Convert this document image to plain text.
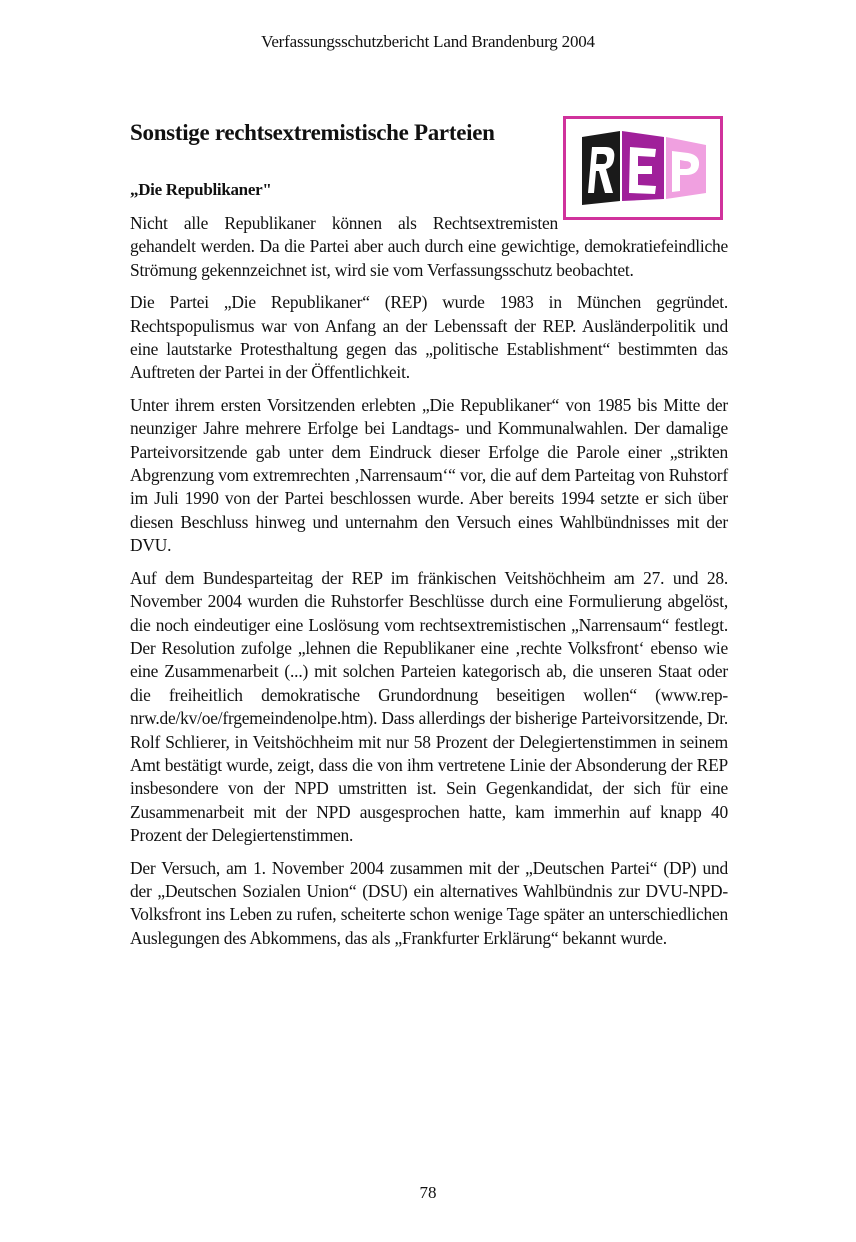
Verfassungsschutzbericht Land Brandenburg 2004
Sonstige rechtsextremistische Parteien
„Die Republikaner"

Nicht alle Republikaner können als Rechtsextremisten gehandelt werden. Da die Partei aber auch durch eine gewichtige, demokratiefeindliche Strömung gekennzeichnet ist, wird sie vom Verfassungsschutz beobachtet.

Die Partei „Die Republikaner“ (REP) wurde 1983 in München gegründet. Rechtspopulismus war von Anfang an der Lebenssaft der REP. Ausländerpolitik und eine lautstarke Protesthaltung gegen das „politische Establishment“ bestimmten das Auftreten der Partei in der Öffentlichkeit.

Unter ihrem ersten Vorsitzenden erlebten „Die Republikaner“ von 1985 bis Mitte der neunziger Jahre mehrere Erfolge bei Landtags- und Kommunalwahlen. Der damalige Parteivorsitzende gab unter dem Eindruck dieser Erfolge die Parole einer „strikten Abgrenzung vom extremrechten ‚Narrensaum‘“ vor, die auf dem Parteitag von Ruhstorf im Juli 1990 von der Partei beschlossen wurde. Aber bereits 1994 setzte er sich über diesen Beschluss hinweg und unternahm den Versuch eines Wahlbündnisses mit der DVU.

Auf dem Bundesparteitag der REP im fränkischen Veitshöchheim am 27. und 28. November 2004 wurden die Ruhstorfer Beschlüsse durch eine Formulierung abgelöst, die noch eindeutiger eine Loslösung vom rechtsextremistischen „Narrensaum“ festlegt. Der Resolution zufolge „lehnen die Republikaner eine ‚rechte Volksfront‘ ebenso wie eine Zusammenarbeit (...) mit solchen Parteien kategorisch ab, die unseren Staat oder die freiheitlich demokratische Grundordnung beseitigen wollen“ (www.rep-nrw.de/kv/oe/frgemeindenolpe.htm). Dass allerdings der bisherige Parteivorsitzende, Dr. Rolf Schlierer, in Veitshöchheim mit nur 58 Prozent der Delegiertenstimmen in seinem Amt bestätigt wurde, zeigt, dass die von ihm vertretene Linie der Absonderung der REP insbesondere von der NPD umstritten ist. Sein Gegenkandidat, der sich für eine Zusammenarbeit mit der NPD ausgesprochen hatte, kam immerhin auf knapp 40 Prozent der Delegiertenstimmen.

Der Versuch, am 1. November 2004 zusammen mit der „Deutschen Partei“ (DP) und der „Deutschen Sozialen Union“ (DSU) ein alternatives Wahlbündnis zur DVU-NPD-Volksfront ins Leben zu rufen, scheiterte schon wenige Tage später an unterschiedlichen Auslegungen des Abkommens, das als „Frankfurter Erklärung“ bekannt wurde.

78
